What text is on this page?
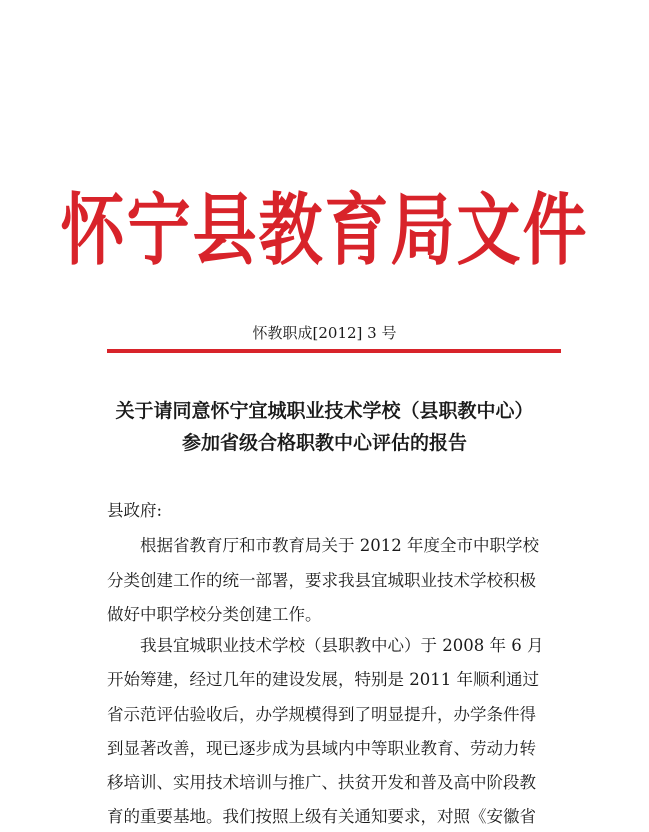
怀宁县教育局文件
怀教职成[2012] 3 号
关于请同意怀宁宜城职业技术学校（县职教中心）
参加省级合格职教中心评估的报告
县政府:
根据省教育厅和市教育局关于 2012 年度全市中职学校
分类创建工作的统一部署，要求我县宜城职业技术学校积极
做好中职学校分类创建工作。
我县宜城职业技术学校（县职教中心）于 2008 年 6 月
开始筹建，经过几年的建设发展，特别是 2011 年顺利通过
省示范评估验收后，办学规模得到了明显提升，办学条件得
到显著改善，现已逐步成为县域内中等职业教育、劳动力转
移培训、实用技术培训与推广、扶贫开发和普及高中阶段教
育的重要基地。我们按照上级有关通知要求，对照《安徽省
